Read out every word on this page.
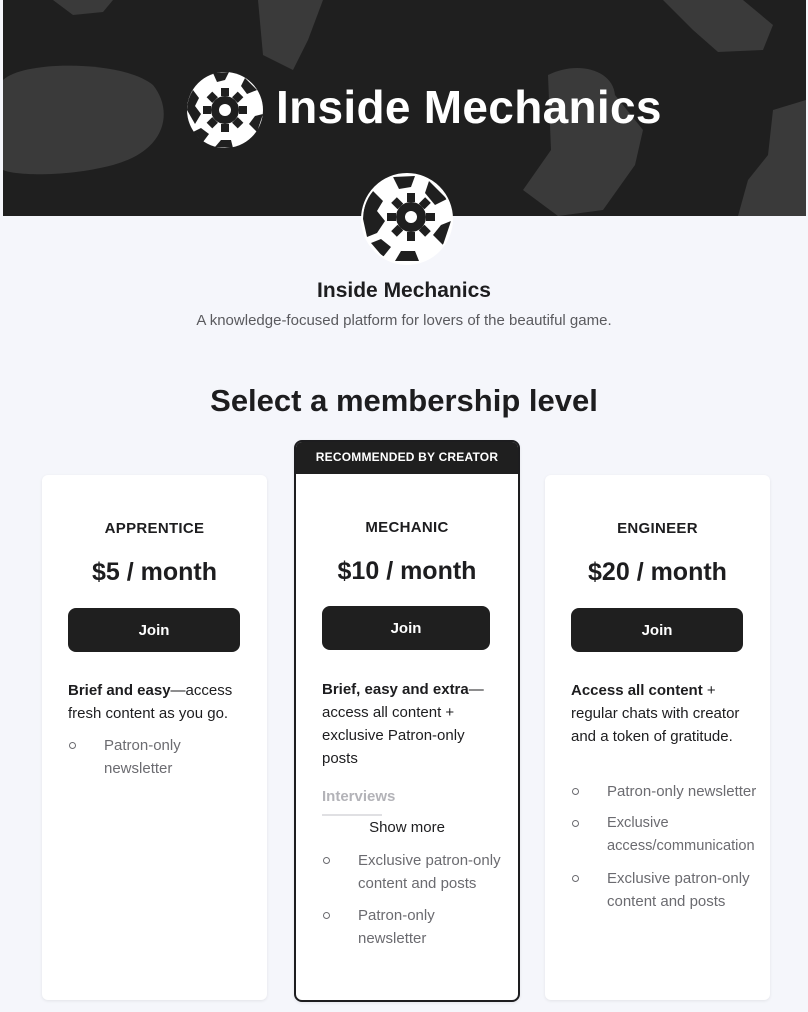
Inside Mechanics
Inside Mechanics
A knowledge-focused platform for lovers of the beautiful game.
Select a membership level
APPRENTICE
$5 / month
Join
Brief and easy—access fresh content as you go.
Patron-only newsletter
RECOMMENDED BY CREATOR
MECHANIC
$10 / month
Join
Brief, easy and extra— access all content + exclusive Patron-only posts
Interviews
Show more
Exclusive patron-only content and posts
Patron-only newsletter
ENGINEER
$20 / month
Join
Access all content + regular chats with creator and a token of gratitude.
Patron-only newsletter
Exclusive access/communication
Exclusive patron-only content and posts
